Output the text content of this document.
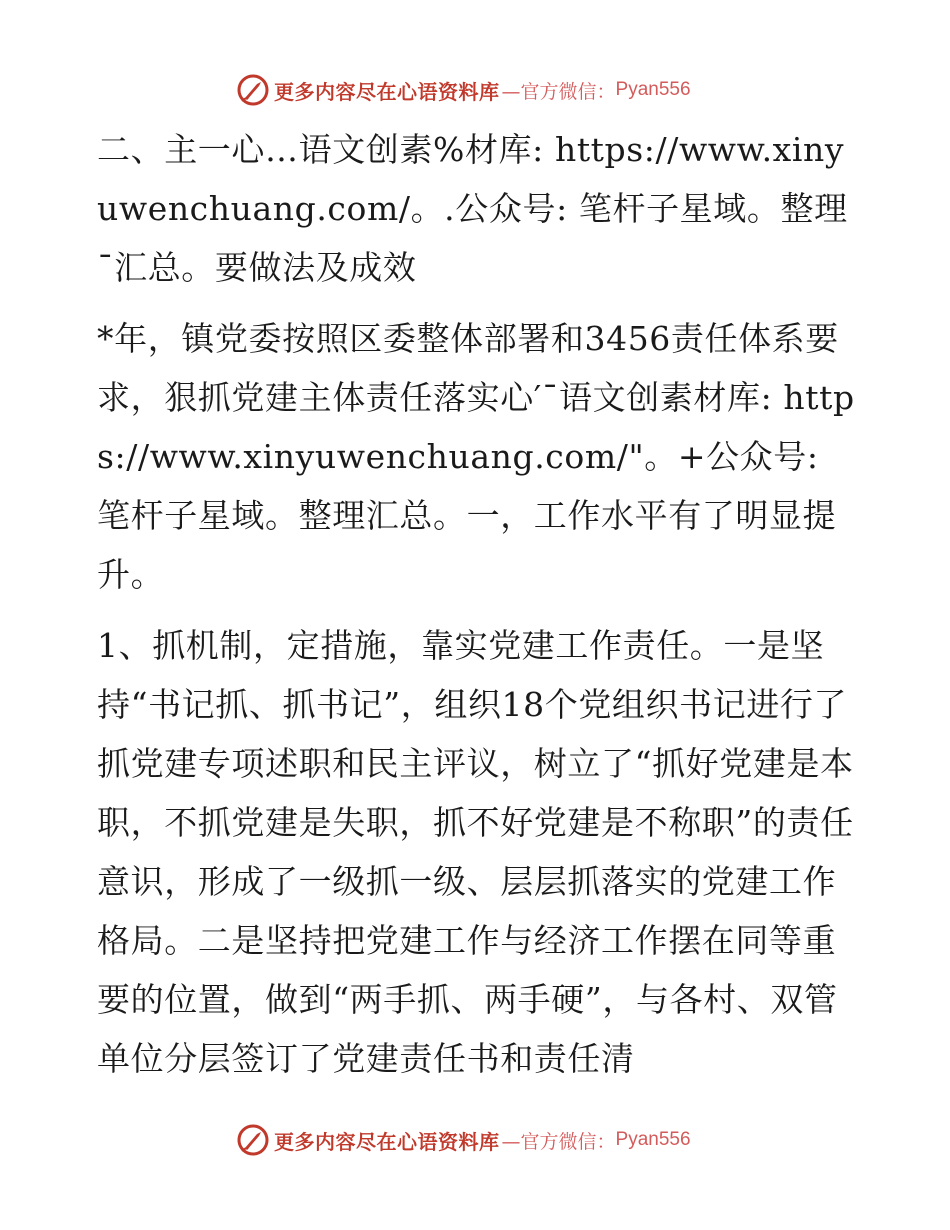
更多内容尽在心语资料库 —官方微信： Pyan556

二、主一心…语文创素%材库: https://www.xinyuwenchuang.com/。.公众号: 笔杆子星域。整理¯汇总。要做法及成效

*年，镇党委按照区委整体部署和3456责任体系要求，狠抓党建主体责任落实心′¯语文创素材库: https://www.xinyuwenchuang.com/"。+公众号: 笔杆子星域。整理汇总。一，工作水平有了明显提升。

1、抓机制，定措施，靠实党建工作责任。一是坚持“书记抓、抓书记”，组织18个党组织书记进行了抓党建专项述职和民主评议，树立了“抓好党建是本职，不抓党建是失职，抓不好党建是不称职”的责任意识，形成了一级抓一级、层层抓落实的党建工作格局。二是坚持把党建工作与经济工作摆在同等重要的位置，做到“两手抓、两手硬”，与各村、双管单位分层签订了党建责任书和责任清

更多内容尽在心语资料库 —官方微信： Pyan556
